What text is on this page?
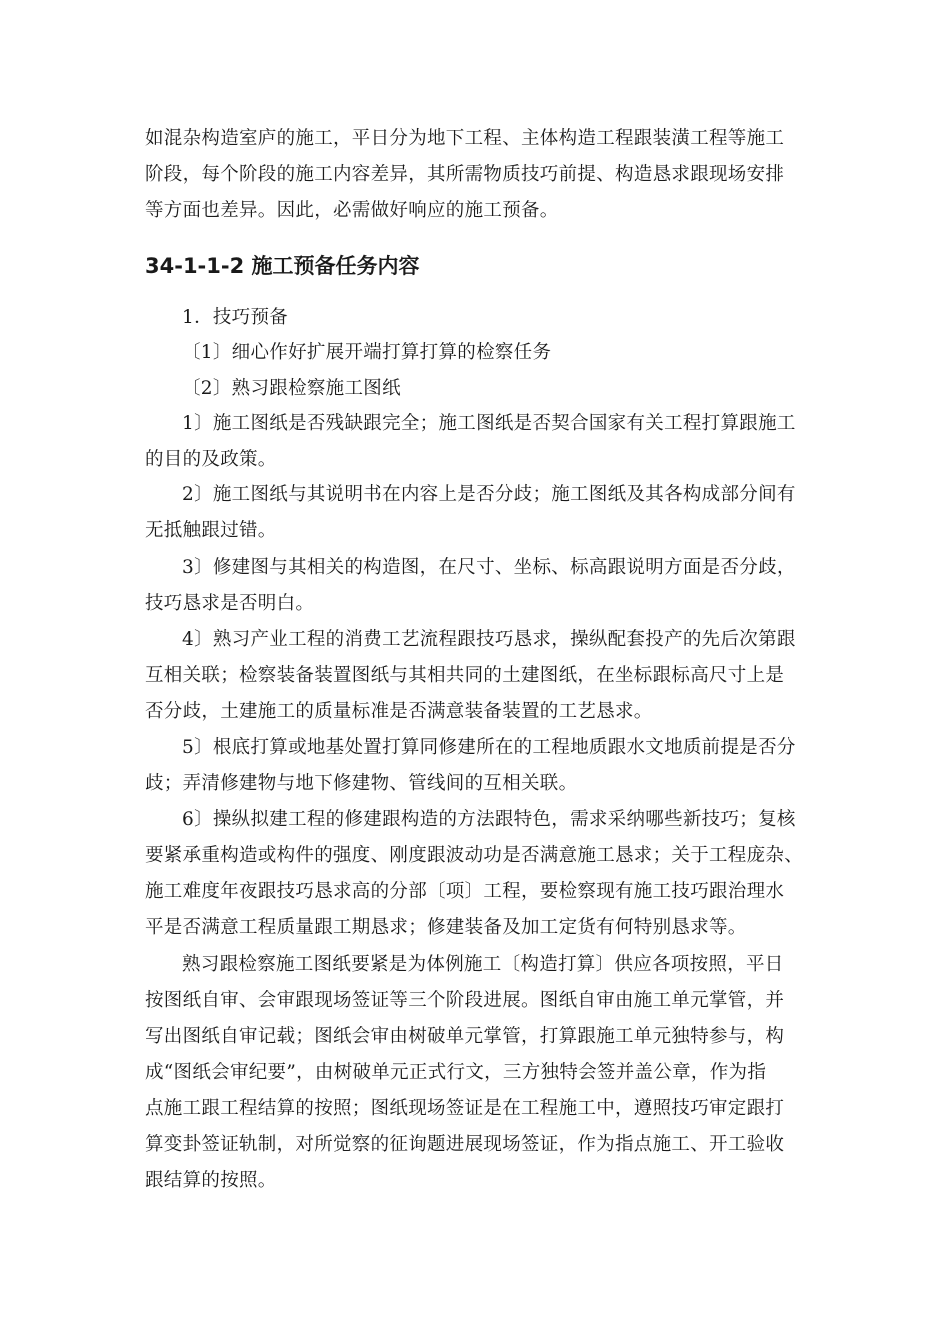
如混杂构造室庐的施工，平日分为地下工程、主体构造工程跟装潢工程等施工
阶段，每个阶段的施工内容差异，其所需物质技巧前提、构造恳求跟现场安排
等方面也差异。因此，必需做好响应的施工预备。
34-1-1-2 施工预备任务内容
1．技巧预备
〔1〕细心作好扩展开端打算打算的检察任务
〔2〕熟习跟检察施工图纸
1〕施工图纸是否残缺跟完全；施工图纸是否契合国家有关工程打算跟施工
的目的及政策。
2〕施工图纸与其说明书在内容上是否分歧；施工图纸及其各构成部分间有
无抵触跟过错。
3〕修建图与其相关的构造图，在尺寸、坐标、标高跟说明方面是否分歧，
技巧恳求是否明白。
4〕熟习产业工程的消费工艺流程跟技巧恳求，操纵配套投产的先后次第跟
互相关联；检察装备装置图纸与其相共同的土建图纸，在坐标跟标高尺寸上是
否分歧，土建施工的质量标准是否满意装备装置的工艺恳求。
5〕根底打算或地基处置打算同修建所在的工程地质跟水文地质前提是否分
歧；弄清修建物与地下修建物、管线间的互相关联。
6〕操纵拟建工程的修建跟构造的方法跟特色，需求采纳哪些新技巧；复核
要紧承重构造或构件的强度、刚度跟波动功是否满意施工恳求；关于工程庞杂、
施工难度年夜跟技巧恳求高的分部〔项〕工程，要检察现有施工技巧跟治理水
平是否满意工程质量跟工期恳求；修建装备及加工定货有何特别恳求等。
熟习跟检察施工图纸要紧是为体例施工〔构造打算〕供应各项按照，平日
按图纸自审、会审跟现场签证等三个阶段进展。图纸自审由施工单元掌管，并
写出图纸自审记载；图纸会审由树破单元掌管，打算跟施工单元独特参与，构
成“图纸会审纪要”，由树破单元正式行文，三方独特会签并盖公章，作为指
点施工跟工程结算的按照；图纸现场签证是在工程施工中，遵照技巧审定跟打
算变卦签证轨制，对所觉察的征询题进展现场签证，作为指点施工、开工验收
跟结算的按照。
